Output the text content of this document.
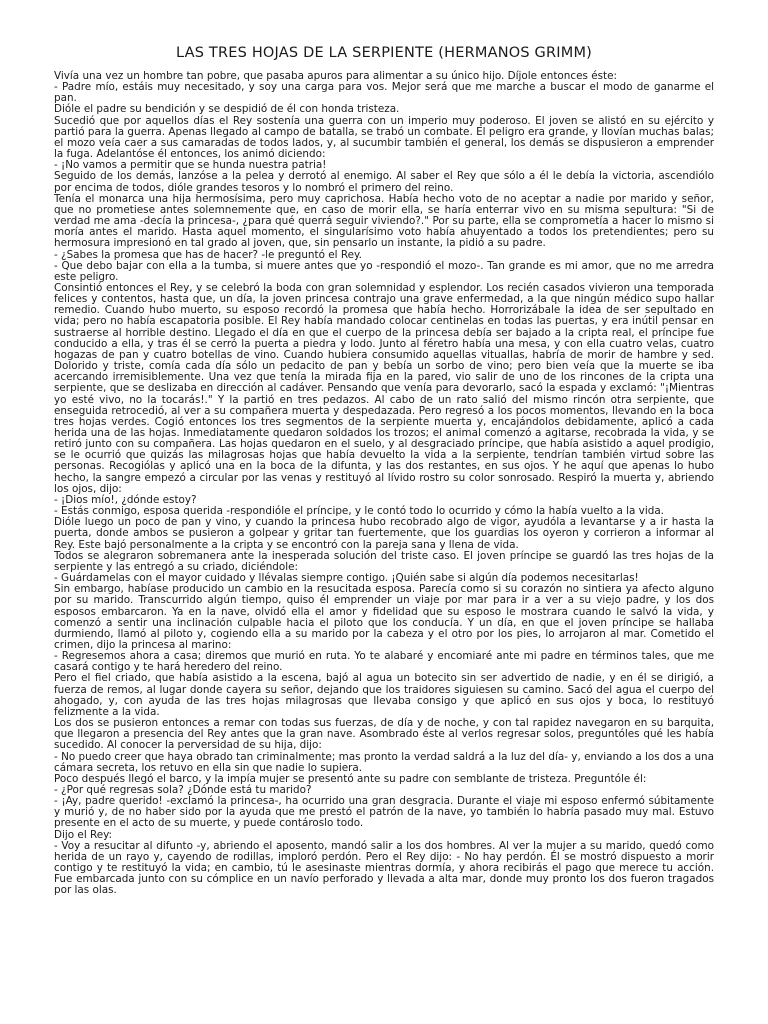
LAS TRES HOJAS DE LA SERPIENTE (HERMANOS GRIMM)

Vivía una vez un hombre tan pobre, que pasaba apuros para alimentar a su único hijo. Díjole entonces éste:

- Padre mío, estáis muy necesitado, y soy una carga para vos. Mejor será que me marche a buscar el modo de ganarme el pan.

Dióle el padre su bendición y se despidió de él con honda tristeza.

Sucedió que por aquellos días el Rey sostenía una guerra con un imperio muy poderoso. El joven se alistó en su ejército y partió para la guerra. Apenas llegado al campo de batalla, se trabó un combate. El peligro era grande, y llovían muchas balas; el mozo veía caer a sus camaradas de todos lados, y, al sucumbir también el general, los demás se dispusieron a emprender la fuga. Adelantóse él entonces, los animó diciendo:

- ¡No vamos a permitir que se hunda nuestra patria!

Seguido de los demás, lanzóse a la pelea y derrotó al enemigo. Al saber el Rey que sólo a él le debía la victoria, ascendiólo por encima de todos, dióle grandes tesoros y lo nombró el primero del reino.

Tenía el monarca una hija hermosísima, pero muy caprichosa. Había hecho voto de no aceptar a nadie por marido y señor, que no prometiese antes solemnemente que, en caso de morir ella, se haría enterrar vivo en su misma sepultura: "Si de verdad me ama -decía la princesa-, ¿para qué querrá seguir viviendo?." Por su parte, ella se comprometía a hacer lo mismo si moría antes el marido. Hasta aquel momento, el singularísimo voto había ahuyentado a todos los pretendientes; pero su hermosura impresionó en tal grado al joven, que, sin pensarlo un instante, la pidió a su padre.

- ¿Sabes la promesa que has de hacer? -le preguntó el Rey.

- Que debo bajar con ella a la tumba, si muere antes que yo -respondió el mozo-. Tan grande es mi amor, que no me arredra este peligro.

Consintió entonces el Rey, y se celebró la boda con gran solemnidad y esplendor. Los recién casados vivieron una temporada felices y contentos, hasta que, un día, la joven princesa contrajo una grave enfermedad, a la que ningún médico supo hallar remedio. Cuando hubo muerto, su esposo recordó la promesa que había hecho. Horrorizábale la idea de ser sepultado en vida; pero no había escapatoria posible. El Rey había mandado colocar centinelas en todas las puertas, y era inútil pensar en sustraerse al horrible destino. Llegado el día en que el cuerpo de la princesa debía ser bajado a la cripta real, el príncipe fue conducido a ella, y tras él se cerró la puerta a piedra y lodo. Junto al féretro había una mesa, y con ella cuatro velas, cuatro hogazas de pan y cuatro botellas de vino. Cuando hubiera consumido aquellas vituallas, habría de morir de hambre y sed. Dolorido y triste, comía cada día sólo un pedacito de pan y bebía un sorbo de vino; pero bien veía que la muerte se iba acercando irremisiblemente. Una vez que tenía la mirada fija en la pared, vio salir de uno de los rincones de la cripta una serpiente, que se deslizaba en dirección al cadáver. Pensando que venía para devorarlo, sacó la espada y exclamó: "¡Mientras yo esté vivo, no la tocarás!." Y la partió en tres pedazos. Al cabo de un rato salió del mismo rincón otra serpiente, que enseguida retrocedió, al ver a su compañera muerta y despedazada. Pero regresó a los pocos momentos, llevando en la boca tres hojas verdes. Cogió entonces los tres segmentos de la serpiente muerta y, encajándolos debidamente, aplicó a cada herida una de las hojas. Inmediatamente quedaron soldados los trozos; el animal comenzó a agitarse, recobrada la vida, y se retiró junto con su compañera. Las hojas quedaron en el suelo, y al desgraciado príncipe, que había asistido a aquel prodigio, se le ocurrió que quizás las milagrosas hojas que había devuelto la vida a la serpiente, tendrían también virtud sobre las personas. Recogiólas y aplicó una en la boca de la difunta, y las dos restantes, en sus ojos. Y he aquí que apenas lo hubo hecho, la sangre empezó a circular por las venas y restituyó al lívido rostro su color sonrosado. Respiró la muerta y, abriendo los ojos, dijo:

- ¡Dios mío!, ¿dónde estoy?

- Estás conmigo, esposa querida -respondióle el príncipe, y le contó todo lo ocurrido y cómo la había vuelto a la vida.

Dióle luego un poco de pan y vino, y cuando la princesa hubo recobrado algo de vigor, ayudóla a levantarse y a ir hasta la puerta, donde ambos se pusieron a golpear y gritar tan fuertemente, que los guardias los oyeron y corrieron a informar al Rey. Este bajó personalmente a la cripta y se encontró con la pareja sana y llena de vida.

Todos se alegraron sobremanera ante la inesperada solución del triste caso. El joven príncipe se guardó las tres hojas de la serpiente y las entregó a su criado, diciéndole:

- Guárdamelas con el mayor cuidado y llévalas siempre contigo. ¡Quién sabe si algún día podemos necesitarlas!

Sin embargo, habíase producido un cambio en la resucitada esposa. Parecía como si su corazón no sintiera ya afecto alguno por su marido. Transcurrido algún tiempo, quiso él emprender un viaje por mar para ir a ver a su viejo padre, y los dos esposos embarcaron. Ya en la nave, olvidó ella el amor y fidelidad que su esposo le mostrara cuando le salvó la vida, y comenzó a sentir una inclinación culpable hacia el piloto que los conducía. Y un día, en que el joven príncipe se hallaba durmiendo, llamó al piloto y, cogiendo ella a su marido por la cabeza y el otro por los pies, lo arrojaron al mar. Cometido el crimen, dijo la princesa al marino:

- Regresemos ahora a casa; diremos que murió en ruta. Yo te alabaré y encomiaré ante mi padre en términos tales, que me casará contigo y te hará heredero del reino.

Pero el fiel criado, que había asistido a la escena, bajó al agua un botecito sin ser advertido de nadie, y en él se dirigió, a fuerza de remos, al lugar donde cayera su señor, dejando que los traidores siguiesen su camino. Sacó del agua el cuerpo del ahogado, y, con ayuda de las tres hojas milagrosas que llevaba consigo y que aplicó en sus ojos y boca, lo restituyó felizmente a la vida.

Los dos se pusieron entonces a remar con todas sus fuerzas, de día y de noche, y con tal rapidez navegaron en su barquita, que llegaron a presencia del Rey antes que la gran nave. Asombrado éste al verlos regresar solos, preguntóles qué les había sucedido. Al conocer la perversidad de su hija, dijo:

- No puedo creer que haya obrado tan criminalmente; mas pronto la verdad saldrá a la luz del día- y, enviando a los dos a una cámara secreta, los retuvo en ella sin que nadie lo supiera.

Poco después llegó el barco, y la impía mujer se presentó ante su padre con semblante de tristeza. Preguntóle él:

- ¿Por qué regresas sola? ¿Dónde está tu marido?

- ¡Ay, padre querido! -exclamó la princesa-, ha ocurrido una gran desgracia. Durante el viaje mi esposo enfermó súbitamente y murió y, de no haber sido por la ayuda que me prestó el patrón de la nave, yo también lo habría pasado muy mal. Estuvo presente en el acto de su muerte, y puede contároslo todo.

Dijo el Rey:

- Voy a resucitar al difunto -y, abriendo el aposento, mandó salir a los dos hombres. Al ver la mujer a su marido, quedó como herida de un rayo y, cayendo de rodillas, imploró perdón. Pero el Rey dijo: - No hay perdón. Él se mostró dispuesto a morir contigo y te restituyó la vida; en cambio, tú le asesinaste mientras dormía, y ahora recibirás el pago que merece tu acción. Fue embarcada junto con su cómplice en un navío perforado y llevada a alta mar, donde muy pronto los dos fueron tragados por las olas.
